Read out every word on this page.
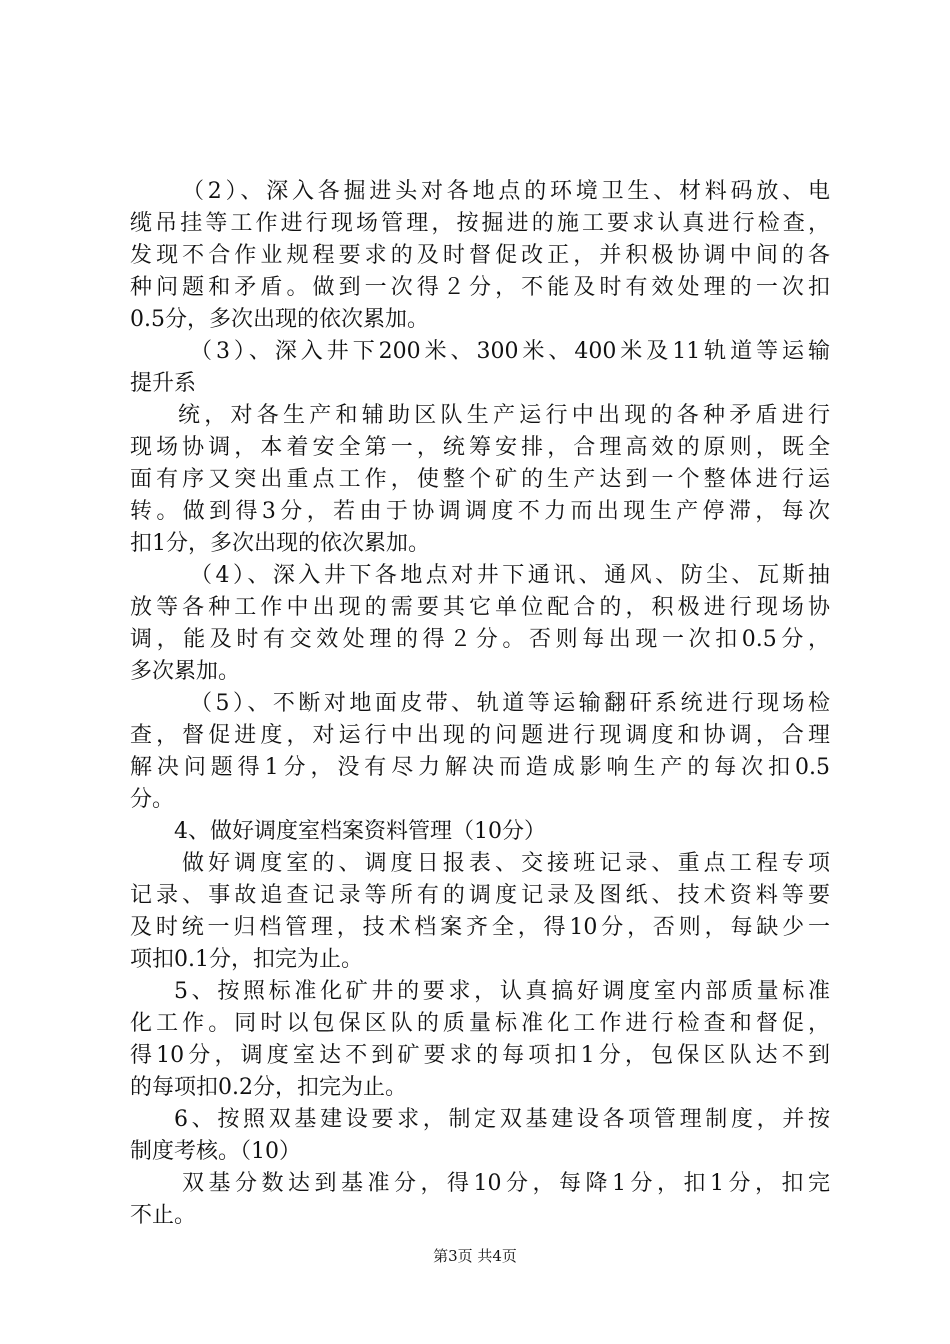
（2）、深入各掘进头对各地点的环境卫生、材料码放、电
缆吊挂等工作进行现场管理，按掘进的施工要求认真进行检查，
发现不合作业规程要求的及时督促改正，并积极协调中间的各
种问题和矛盾。做到一次得２分，不能及时有效处理的一次扣
0.5分，多次出现的依次累加。
（3）、深入井下200米、300米、400米及11轨道等运输
提升系
统，对各生产和辅助区队生产运行中出现的各种矛盾进行
现场协调，本着安全第一，统筹安排，合理高效的原则，既全
面有序又突出重点工作，使整个矿的生产达到一个整体进行运
转。做到得3分，若由于协调调度不力而出现生产停滞，每次
扣1分，多次出现的依次累加。
（4）、深入井下各地点对井下通讯、通风、防尘、瓦斯抽
放等各种工作中出现的需要其它单位配合的，积极进行现场协
调，能及时有交效处理的得２分。否则每出现一次扣0.5分，
多次累加。
（5）、不断对地面皮带、轨道等运输翻矸系统进行现场检
查，督促进度，对运行中出现的问题进行现调度和协调，合理
解决问题得1分，没有尽力解决而造成影响生产的每次扣0.5
分。
4、做好调度室档案资料管理（10分）
做好调度室的、调度日报表、交接班记录、重点工程专项
记录、事故追查记录等所有的调度记录及图纸、技术资料等要
及时统一归档管理，技术档案齐全，得10分，否则，每缺少一
项扣0.1分，扣完为止。
5、按照标准化矿井的要求，认真搞好调度室内部质量标准
化工作。同时以包保区队的质量标准化工作进行检查和督促，
得10分，调度室达不到矿要求的每项扣1分，包保区队达不到
的每项扣0.2分，扣完为止。
6、按照双基建设要求，制定双基建设各项管理制度，并按
制度考核。（10）
双基分数达到基准分，得10分，每降1分，扣1分，扣完
不止。
第3页 共4页
